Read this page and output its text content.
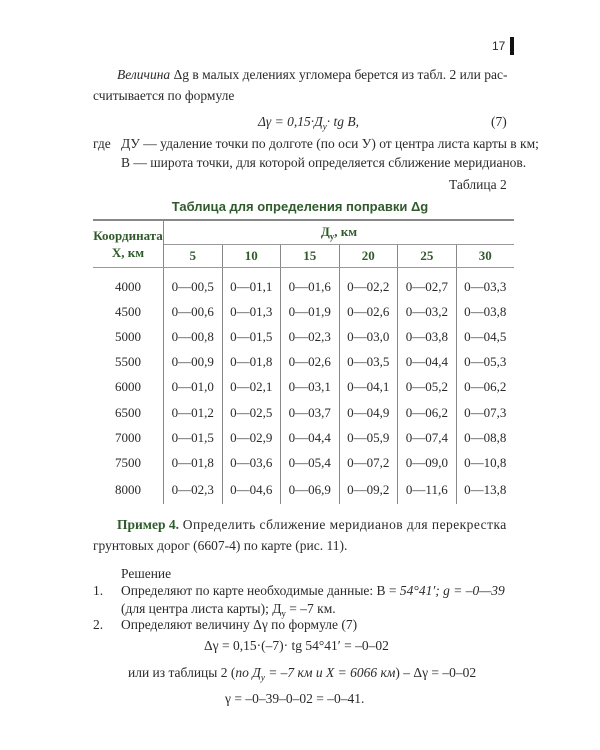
17
Величина Δg в малых делениях угломера берется из табл. 2 или рас-
считывается по формуле
$\Delta\gamma = 0,15\cdot Д_у\cdot$ tg B,	(7)
где ДУ — удаление точки по долготе (по оси У) от центра листа карты в км;
В — широта точки, для которой определяется сближение меридианов.
Таблица 2
Таблица для определения поправки Δg
Координата
Х, км	$Д_у$, км					
	5	10	15	20	25	30
4000	0—00,5	0—01,1	0—01,6	0—02,2	0—02,7	0—03,3
4500	0—00,6	0—01,3	0—01,9	0—02,6	0—03,2	0—03,8
5000	0—00,8	0—01,5	0—02,3	0—03,0	0—03,8	0—04,5
5500	0—00,9	0—01,8	0—02,6	0—03,5	0—04,4	0—05,3
6000	0—01,0	0—02,1	0—03,1	0—04,1	0—05,2	0—06,2
6500	0—01,2	0—02,5	0—03,7	0—04,9	0—06,2	0—07,3
7000	0—01,5	0—02,9	0—04,4	0—05,9	0—07,4	0—08,8
7500	0—01,8	0—03,6	0—05,4	0—07,2	0—09,0	0—10,8
8000	0—02,3	0—04,6	0—06,9	0—09,2	0—11,6	0—13,8
Пример 4. Определить сближение меридианов для перекрестка
грунтовых дорог (6607-4) по карте (рис. 11).
Решение
1. Определяют по карте необходимые данные: В = 54°41′; g = –0—39
(для центра листа карты); $Д_у = -7$ км.
2. Определяют величину Δγ по формуле (7)
Δγ = 0,15·(–7)· tg 54°41′ = –0–02
или из таблицы 2 (по $Д_у = -7$ км и X = 6066 км) – Δγ = –0–02
γ = –0–39–0–02 = –0–41.
